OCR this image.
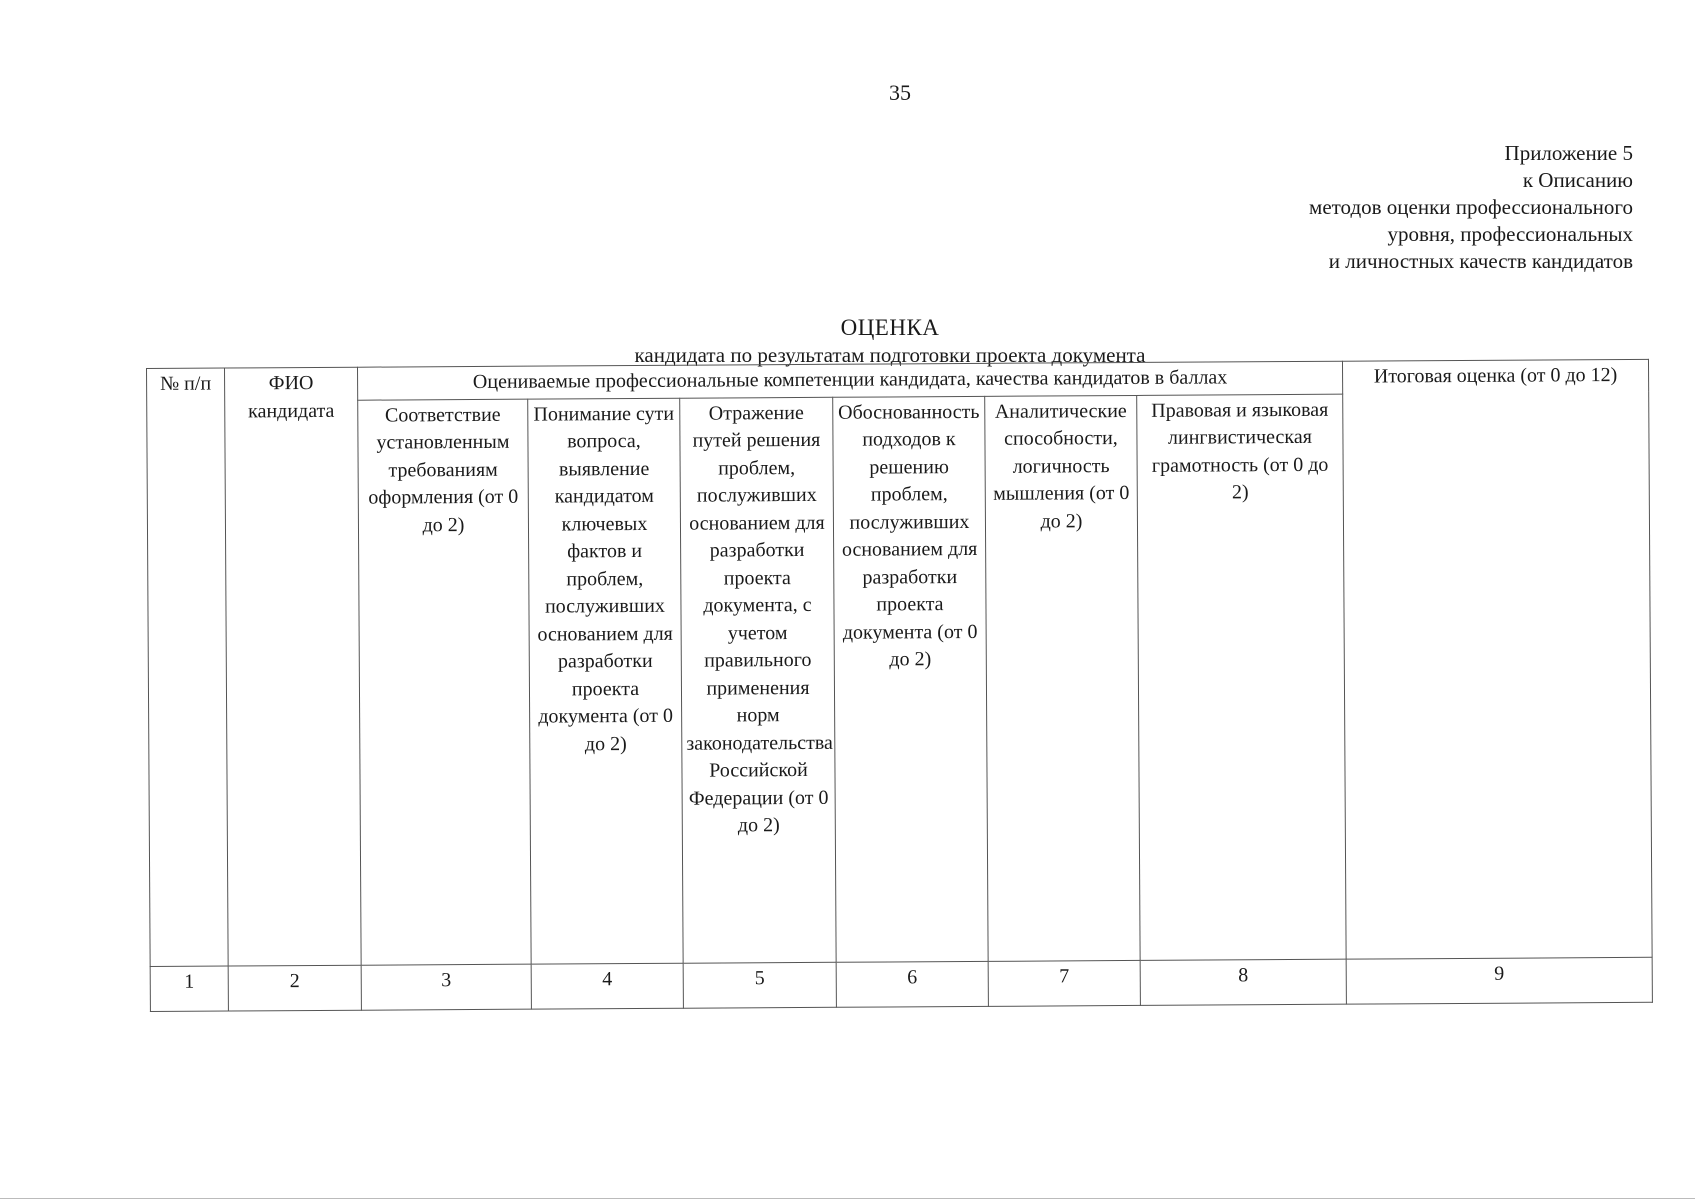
35
Приложение 5
к Описанию
методов оценки профессионального
уровня, профессиональных
и личностных качеств кандидатов
ОЦЕНКА
кандидата по результатам подготовки проекта документа
№ п/п	ФИО кандидата	Оцениваемые профессиональные компетенции кандидата, качества кандидатов в баллах						Итоговая оценка (от 0 до 12)
		Соответствие установленным требованиям оформления (от 0 до 2)	Понимание сути вопроса, выявление кандидатом ключевых фактов и проблем, послуживших основанием для разработки проекта документа (от 0 до 2)	Отражение путей решения проблем, послуживших основанием для разработки проекта документа, с учетом правильного применения норм законодательства Российской Федерации (от 0 до 2)	Обоснованность подходов к решению проблем, послуживших основанием для разработки проекта документа (от 0 до 2)	Аналитические способности, логичность мышления (от 0 до 2)	Правовая и языковая лингвистическая грамотность (от 0 до 2)	
1	2	3	4	5	6	7	8	9
